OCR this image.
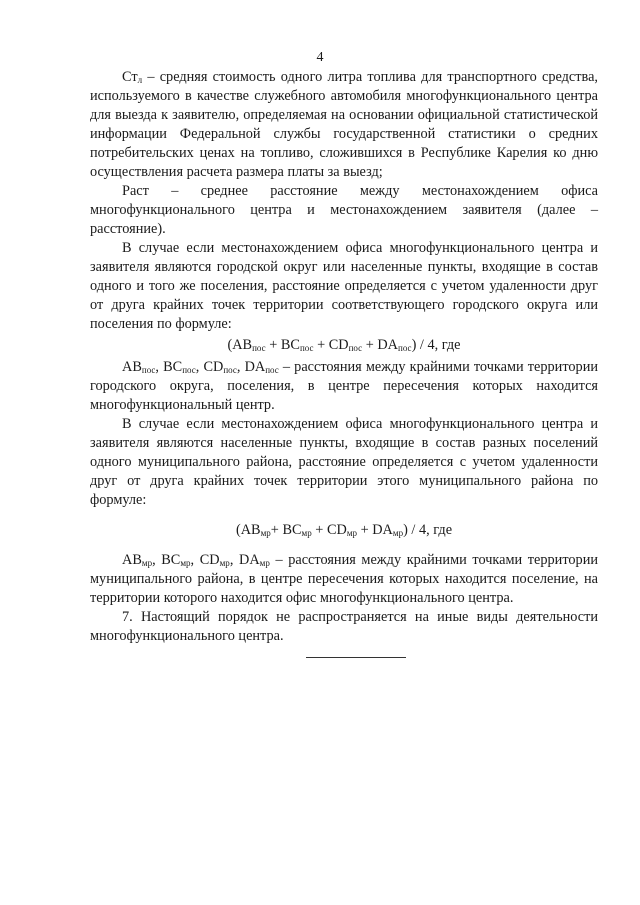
4

$Ст_л$ – средняя стоимость одного литра топлива для транспортного средства, используемого в качестве служебного автомобиля многофункционального центра для выезда к заявителю, определяемая на основании официальной статистической информации Федеральной службы государственной статистики о средних потребительских ценах на топливо, сложившихся в Республике Карелия ко дню осуществления расчета размера платы за выезд;

Раст – среднее расстояние между местонахождением офиса многофункционального центра и местонахождением заявителя (далее – расстояние).

В случае если местонахождением офиса многофункционального центра и заявителя являются городской округ или населенные пункты, входящие в состав одного и того же поселения, расстояние определяется с учетом удаленности друг от друга крайних точек территории соответствующего городского округа или поселения по формуле:

$(АВ_{пос} + ВС_{пос} + CD_{пос} + DA_{пос}) / 4$, где

$АВ_{пос}$, $ВС_{пос}$, $CD_{пос}$, $DA_{пос}$ – расстояния между крайними точками территории городского округа, поселения, в центре пересечения которых находится многофункциональный центр.

В случае если местонахождением офиса многофункционального центра и заявителя являются населенные пункты, входящие в состав разных поселений одного муниципального района, расстояние определяется с учетом удаленности друг от друга крайних точек территории этого муниципального района по формуле:

$(АВ_{мр}+ ВС_{мр} + CD_{мр} + DA_{мр}) / 4$, где

$АВ_{мр}$, $ВС_{мр}$, $CD_{мр}$, $DA_{мр}$ – расстояния между крайними точками территории муниципального района, в центре пересечения которых находится поселение, на территории которого находится офис многофункционального центра.

7. Настоящий порядок не распространяется на иные виды деятельности многофункционального центра.
